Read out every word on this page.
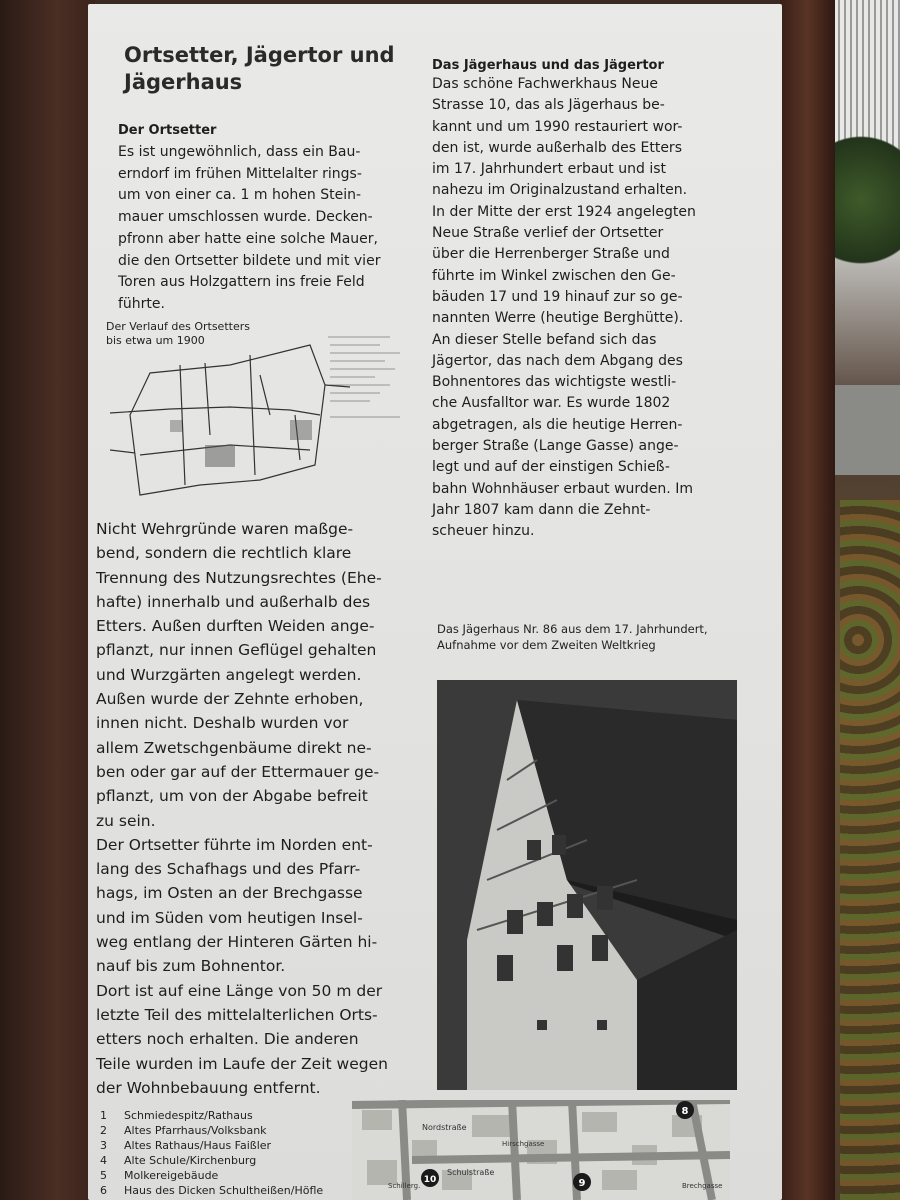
Ortsetter, Jägertor und Jägerhaus
Der Ortsetter
Es ist ungewöhnlich, dass ein Bau-
erndorf im frühen Mittelalter rings-
um von einer ca. 1 m hohen Stein-
mauer umschlossen wurde. Decken-
pfronn aber hatte eine solche Mauer,
die den Ortsetter bildete und mit vier
Toren aus Holzgattern ins freie Feld
führte.
Der Verlauf des Ortsetters
bis etwa um 1900
Nicht Wehrgründe waren maßge-
bend, sondern die rechtlich klare
Trennung des Nutzungsrechtes (Ehe-
hafte) innerhalb und außerhalb des
Etters. Außen durften Weiden ange-
pflanzt, nur innen Geflügel gehalten
und Wurzgärten angelegt werden.
Außen wurde der Zehnte erhoben,
innen nicht. Deshalb wurden vor
allem Zwetschgenbäume direkt ne-
ben oder gar auf der Ettermauer ge-
pflanzt, um von der Abgabe befreit
zu sein.
Der Ortsetter führte im Norden ent-
lang des Schafhags und des Pfarr-
hags, im Osten an der Brechgasse
und im Süden vom heutigen Insel-
weg entlang der Hinteren Gärten hi-
nauf bis zum Bohnentor.
Dort ist auf eine Länge von 50 m der
letzte Teil des mittelalterlichen Orts-
etters noch erhalten. Die anderen
Teile wurden im Laufe der Zeit wegen
der Wohnbebauung entfernt.
Das Jägerhaus und das Jägertor
Das schöne Fachwerkhaus Neue
Strasse 10, das als Jägerhaus be-
kannt und um 1990 restauriert wor-
den ist, wurde außerhalb des Etters
im 17. Jahrhundert erbaut und ist
nahezu im Originalzustand erhalten.
In der Mitte der erst 1924 angelegten
Neue Straße verlief der Ortsetter
über die Herrenberger Straße und
führte im Winkel zwischen den Ge-
bäuden 17 und 19 hinauf zur so ge-
nannten Werre (heutige Berghütte).
An dieser Stelle befand sich das
Jägertor, das nach dem Abgang des
Bohnentores das wichtigste westli-
che Ausfalltor war. Es wurde 1802
abgetragen, als die heutige Herren-
berger Straße (Lange Gasse) ange-
legt und auf der einstigen Schieß-
bahn Wohnhäuser erbaut wurden. Im
Jahr 1807 kam dann die Zehnt-
scheuer hinzu.
Das Jägerhaus Nr. 86 aus dem 17. Jahrhundert,
Aufnahme vor dem Zweiten Weltkrieg
1 Schmiedespitz/Rathaus
2 Altes Pfarrhaus/Volksbank
3 Altes Rathaus/Haus Faißler
4 Alte Schule/Kirchenburg
5 Molkereigebäude
6 Haus des Dicken Schultheißen/Höfle
Nordstraße
Schulstraße
Schillerg.
Hirschgasse
Brechgasse
8
10	9
